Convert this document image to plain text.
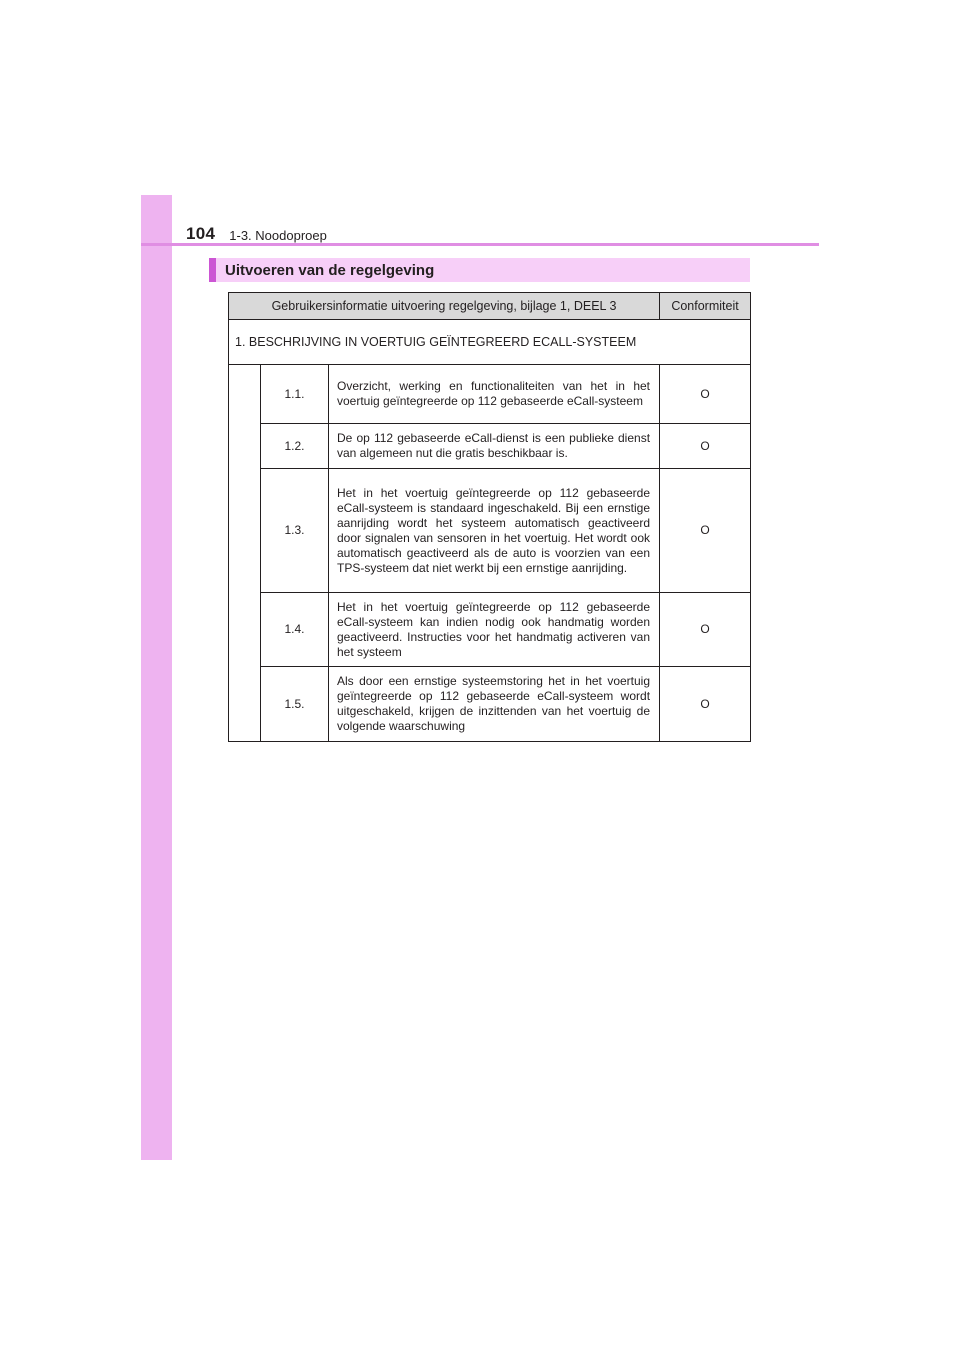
104 1-3. Noodoproep
Uitvoeren van de regelgeving
Gebruikersinformatie uitvoering regelgeving, bijlage 1, DEEL 3			Conformiteit
1. BESCHRIJVING IN VOERTUIG GEÏNTEGREERD ECALL-SYSTEEM			
	1.1.	Overzicht, werking en functionaliteiten van het in het voertuig geïntegreerde op 112 gebaseerde eCall-systeem	O
	1.2.	De op 112 gebaseerde eCall-dienst is een publieke dienst van algemeen nut die gratis beschikbaar is.	O
	1.3.	Het in het voertuig geïntegreerde op 112 gebaseerde eCall-systeem is standaard ingeschakeld. Bij een ernstige aanrijding wordt het systeem automatisch geactiveerd door signalen van sensoren in het voertuig. Het wordt ook automatisch geactiveerd als de auto is voorzien van een TPS-systeem dat niet werkt bij een ernstige aanrijding.	O
	1.4.	Het in het voertuig geïntegreerde op 112 gebaseerde eCall-systeem kan indien nodig ook handmatig worden geactiveerd. Instructies voor het handmatig activeren van het systeem	O
	1.5.	Als door een ernstige systeemstoring het in het voertuig geïntegreerde op 112 gebaseerde eCall-systeem wordt uitgeschakeld, krijgen de inzittenden van het voertuig de volgende waarschuwing	O
